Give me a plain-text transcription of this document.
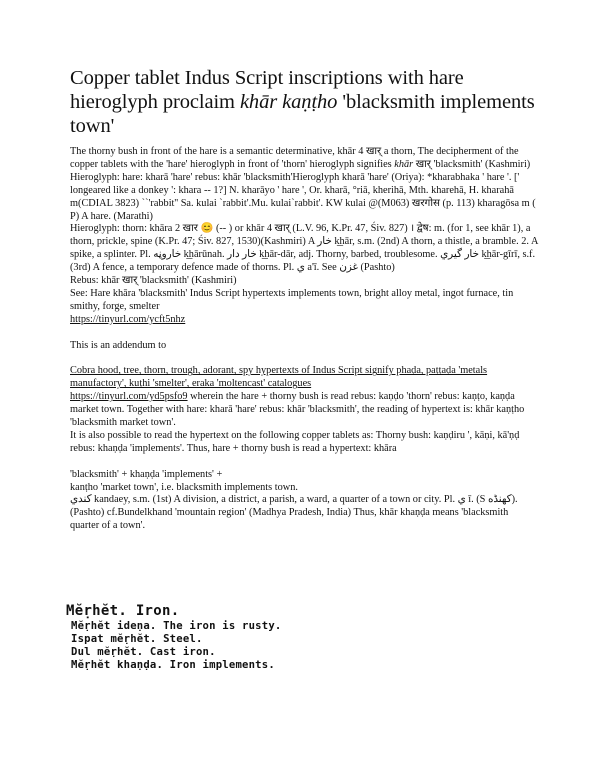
Copper tablet Indus Script inscriptions with hare hieroglyph proclaim khār kaṇṭho 'blacksmith implements town'

The thorny bush in front of the hare is a semantic determinative, khār 4 खार् a thorn, The decipherment of the copper tablets with the 'hare' hieroglyph in front of 'thorn' hieroglyph signifies khār खार् 'blacksmith' (Kashmiri)

Hieroglyph: hare: kharā 'hare' rebus: khār 'blacksmith'Hieroglyph kharā 'hare' (Oriya): *kharabhaka ' hare '. [' longeared like a donkey ': khara -- 1?] N. kharāyo ' hare ', Or. kharā, °riā, kherihā, Mth. kharehā, H. kharahā m(CDIAL 3823) ``'rabbit'' Sa. kulai `rabbit'.Mu. kulai`rabbit'. KW kulai @(M063) खरगोस (p. 113) kharagōsa m ( P) A hare. (Marathi)

Hieroglyph: thorn: khāra 2 खार 😊 (-- ) or khār 4 खार् (L.V. 96, K.Pr. 47, Śiv. 827) । द्वेष: m. (for 1, see khār 1), a thorn, prickle, spine (K.Pr. 47; Śiv. 827, 1530)(Kashmiri) A خار k͟hār, s.m. (2nd) A thorn, a thistle, a bramble. 2. A spike, a splinter. Pl. خاروڼه k͟hārūnah. خار دار k͟hār-dār, adj. Thorny, barbed, troublesome. خار گيري k͟hār-gīrī, s.f. (3rd) A fence, a temporary defence made of thorns. Pl. ي a'ī. See غزن (Pashto)

Rebus: khār खार् 'blacksmith' (Kashmiri)

See: Hare khāra 'blacksmith' Indus Script hypertexts implements town, bright alloy metal, ingot furnace, tin smithy, forge, smelter

https://tinyurl.com/ycft5nhz

This is an addendum to

Cobra hood, tree, thorn, trough, adorant, spy hypertexts of Indus Script signify phaḍa, paṭṭaḍa 'metals manufactory', kuṭhi 'smelter', eraka 'moltencast' catalogues

https://tinyurl.com/yd5psfo9 wherein the hare + thorny bush is read rebus: kaṇḍo 'thorn' rebus: kaṇṭo, kaṇḍa market town. Together with hare: kharā 'hare' rebus: khār 'blacksmith', the reading of hypertext is: khār kaṇṭho 'blacksmith market town'.

It is also possible to read the hypertext on the following copper tablets as: Thorny bush: kaṇḍiru ', kāṇi, kā'ṇḍ rebus: khaṇḍa 'implements'. Thus, hare + thorny bush is read a hypertext: khāra

'blacksmith' + khaṇḍa 'implements' +

kanṭho 'market town', i.e. blacksmith implements town.

كندي kandaey, s.m. (1st) A division, a district, a parish, a ward, a quarter of a town or city. Pl. ي ī. (S كهنڈه).(Pashto) cf.Bundelkhand 'mountain region' (Madhya Pradesh, India) Thus, khār khaṇḍa means 'blacksmith quarter of a town'.

Mĕṛhĕt. Iron.
Mĕṛhĕt ideṇa. The iron is rusty.
Ispat mĕṛhĕt. Steel.
Dul mĕṛhĕt. Cast iron.
Mĕṛhĕt khaṇḍa. Iron implements.
